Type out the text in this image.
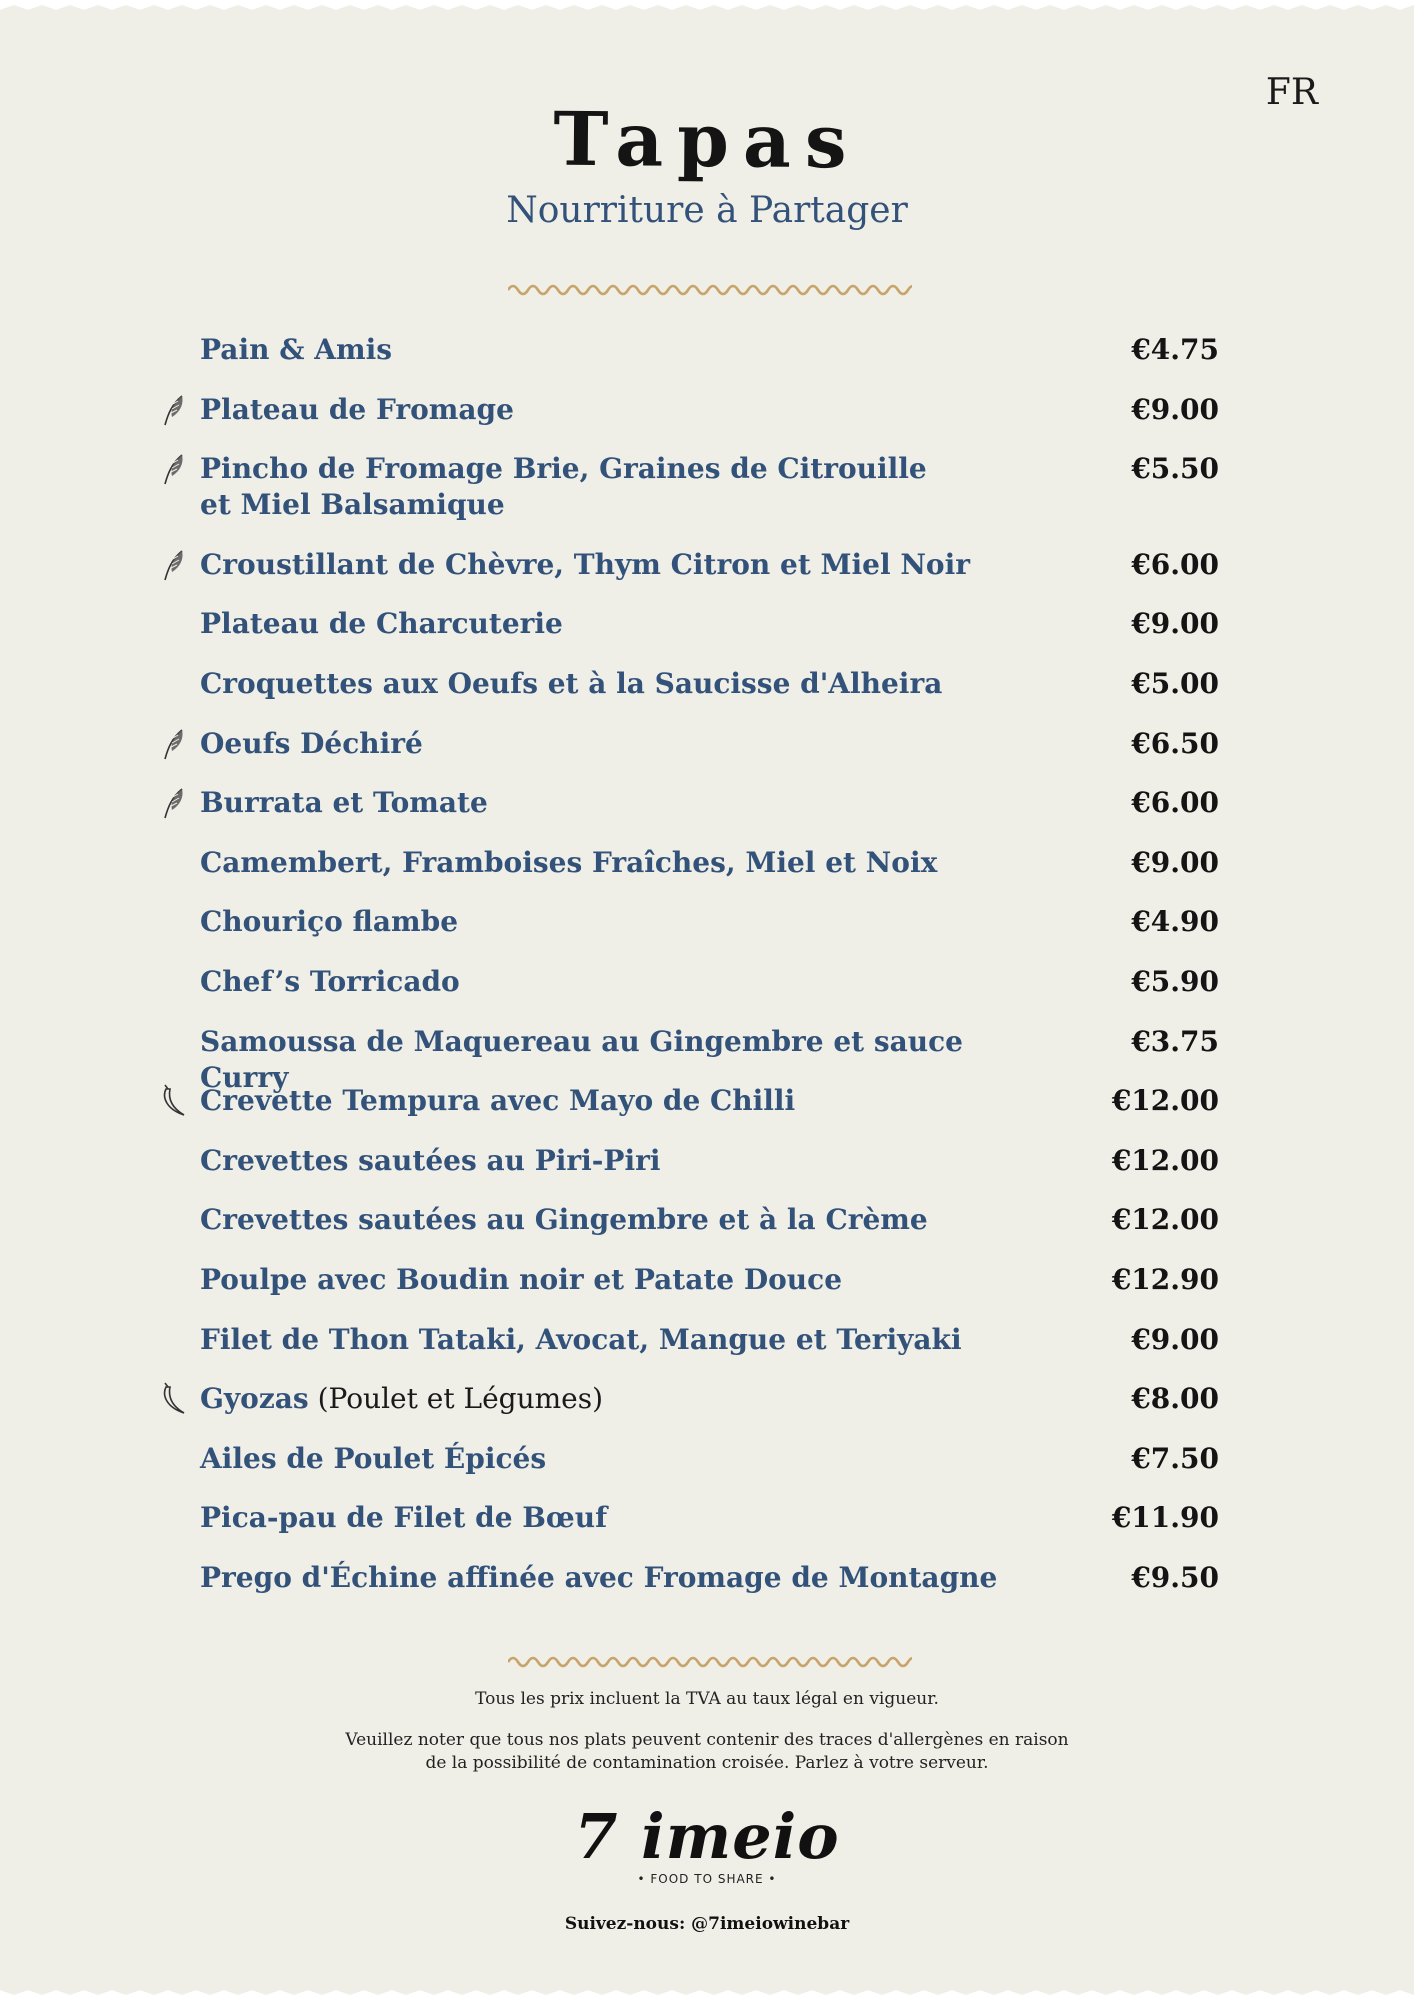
FR
Tapas
Nourriture à Partager
Pain & Amis	€4.75
Plateau de Fromage	€9.00
Pincho de Fromage Brie, Graines de Citrouille
et Miel Balsamique
€5.50
Croustillant de Chèvre, Thym Citron et Miel Noir	€6.00
Plateau de Charcuterie	€9.00
Croquettes aux Oeufs et à la Saucisse d'Alheira	€5.00
Oeufs Déchiré	€6.50
Burrata et Tomate	€6.00
Camembert, Framboises Fraîches, Miel et Noix	€9.00
Chouriço flambe	€4.90
Chef’s Torricado	€5.90
Samoussa de Maquereau au Gingembre et sauce Curry
€3.75
Crevette Tempura avec Mayo de Chilli	€12.00
Crevettes sautées au Piri-Piri	€12.00
Crevettes sautées au Gingembre et à la Crème	€12.00
Poulpe avec Boudin noir et Patate Douce	€12.90
Filet de Thon Tataki, Avocat, Mangue et Teriyaki	€9.00
Gyozas (Poulet et Légumes)	€8.00
Ailes de Poulet Épicés	€7.50
Pica-pau de Filet de Bœuf	€11.90
Prego d'Échine affinée avec Fromage de Montagne	€9.50

Tous les prix incluent la TVA au taux légal en vigueur.

Veuillez noter que tous nos plats peuvent contenir des traces d'allergènes en raison

de la possibilité de contamination croisée. Parlez à votre serveur.

7 imeio
• FOOD TO SHARE •
Suivez-nous: @7imeiowinebar
